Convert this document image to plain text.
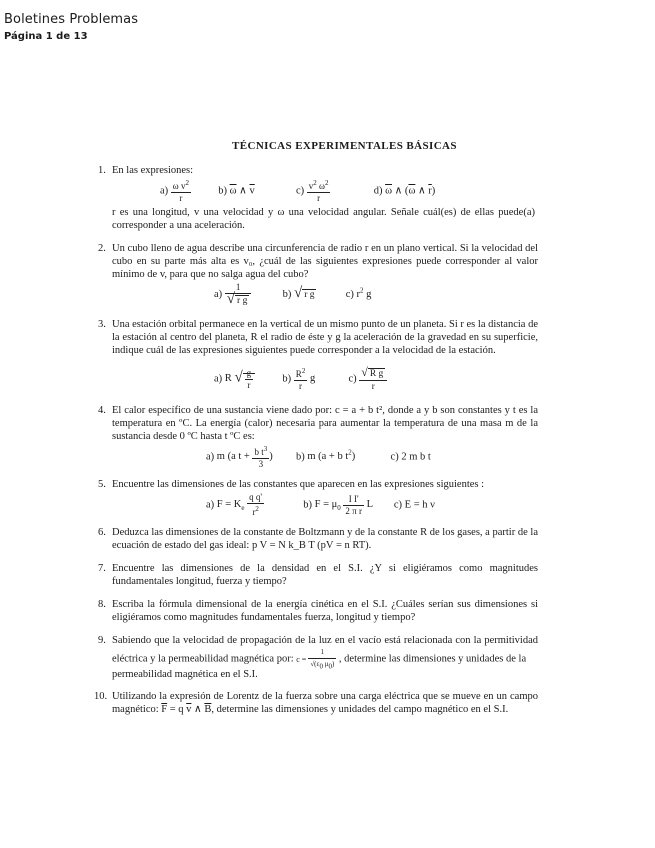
Boletines Problemas
Página 1 de 13
TÉCNICAS EXPERIMENTALES BÁSICAS
1. En las expresiones:
$a) \frac{\omega v^2}{r}$	b) $\overline{\omega}$ ∧ $\overline{v}$	$c) \frac{v^2 \omega^2}{r}$	d) $\overline{\omega}$ ∧ ($\overline{\omega}$ ∧ $\overline{r}$)
r es una longitud, v una velocidad y ω una velocidad angular. Señale cuál(es) de ellas puede(a) corresponder a una aceleración.
2. Un cubo lleno de agua describe una circunferencia de radio r en un plano vertical. Si la velocidad del cubo en su parte más alta es v₀, ¿cuál de las siguientes expresiones puede corresponder al valor mínimo de v, para que no salga agua del cubo?
$a) \frac{1}{\text{√ r g}}$	b) √ r g	c) $r^2$ g
3. Una estación orbital permanece en la vertical de un mismo punto de un planeta. Si r es la distancia de la estación al centro del planeta, R el radio de éste y g la aceleración de la gravedad en su superficie, indique cuál de las expresiones siguientes puede corresponder a la velocidad de la estación.
a) R √ $\frac{g}{r}$	$b) \frac{R^2}{r}$ g	$c) \frac{\text{√ R g}}{r}$
4. El calor específico de una sustancia viene dado por: c = a + b t², donde a y b son constantes y t es la temperatura en ºC. La energía (calor) necesaria para aumentar la temperatura de una masa m de la sustancia desde 0 ºC hasta t ºC es:
a) m (a $t + \frac{b t^3}{3}$ ) b) m (a + b $t^2$)	c) 2 m b t
5. Encuentre las dimensiones de las constantes que aparecen en las expresiones siguientes :
a) $F = K_e \frac{\text{q q'}}{r^2}$	b) $F = \mu_0 \frac{\text{I I'}}{\text{2 π r}}$ L c) E = h ν
6. Deduzca las dimensiones de la constante de Boltzmann y de la constante R de los gases, a partir de la ecuación de estado del gas ideal: p V = N k_B T (pV = n RT).
7. Encuentre las dimensiones de la densidad en el S.I. ¿Y si eligiéramos como magnitudes fundamentales longitud, fuerza y tiempo?
8. Escriba la fórmula dimensional de la energía cinética en el S.I. ¿Cuáles serían sus dimensiones si eligiéramos como magnitudes fundamentales fuerza, longitud y tiempo?
9. Sabiendo que la velocidad de propagación de la luz en el vacío está relacionada con la permitividad eléctrica y la permeabilidad magnética por: $c = \frac{1}{√(\varepsilon_0 \mu_0)}$ , determine las dimensiones y unidades de la
permeabilidad magnética en el S.I.
10. Utilizando la expresión de Lorentz de la fuerza sobre una carga eléctrica que se mueve en un campo magnético: $\overline{F} = q$ $\overline{v}$ ∧ $\overline{B}$, determine las dimensiones y unidades del campo magnético en el S.I.
